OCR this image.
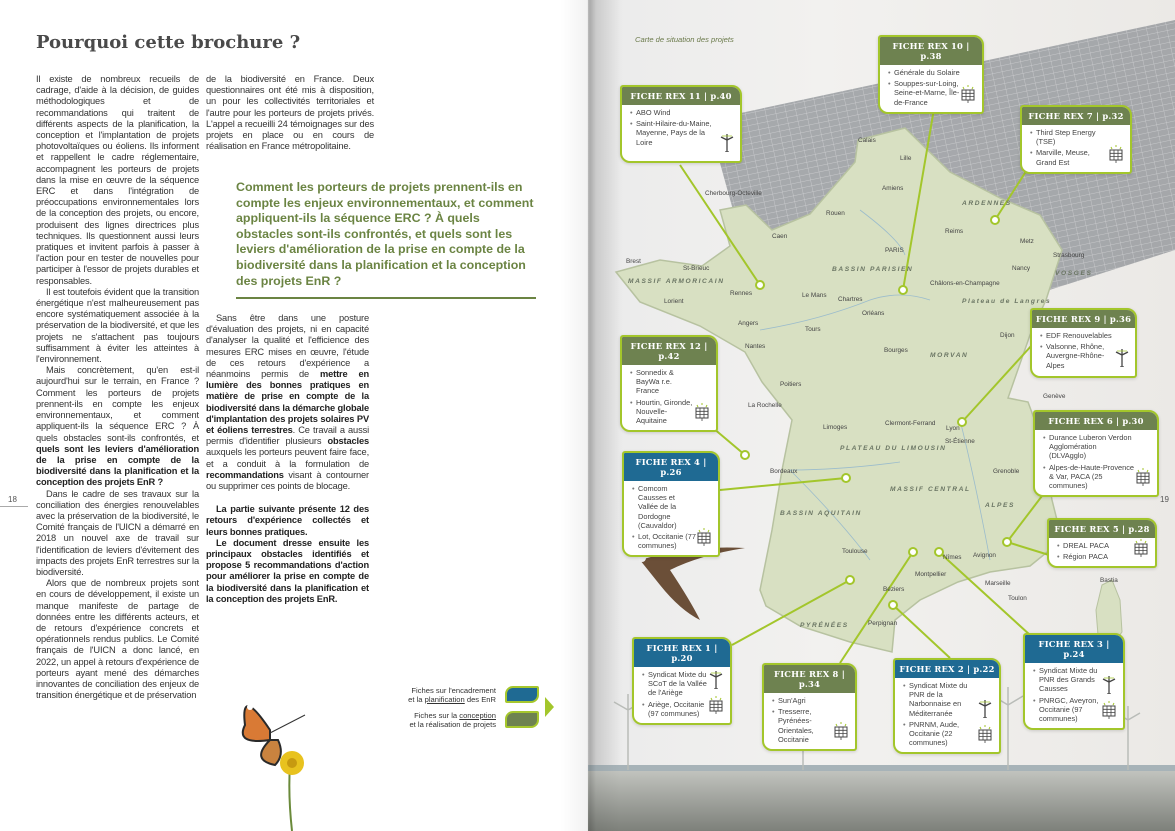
Pourquoi cette brochure ?

Il existe de nombreux recueils de cadrage, d'aide à la décision, de guides méthodologiques et de recommandations qui traitent de différents aspects de la planification, la conception et l'implantation de projets photovoltaïques ou éoliens. Ils informent et rappellent le cadre réglementaire, accompagnent les porteurs de projets dans la mise en œuvre de la séquence ERC et dans l'intégration de préoccupations environnementales lors de la conception des projets, ou encore, produisent des lignes directrices plus techniques. Ils questionnent aussi leurs pratiques et invitent parfois à passer à l'action pour en tester de nouvelles pour participer à l'essor de projets durables et responsables.

Il est toutefois évident que la transition énergétique n'est malheureusement pas encore systématiquement associée à la préservation de la biodiversité, et que les projets ne s'attachent pas toujours suffisamment à éviter les atteintes à l'environnement.

Mais concrètement, qu'en est-il aujourd'hui sur le terrain, en France ? Comment les porteurs de projets prennent-ils en compte les enjeux environnementaux, et comment appliquent-ils la séquence ERC ? À quels obstacles sont-ils confrontés, et quels sont les leviers d'amélioration de la prise en compte de la biodiversité dans la planification et la conception des projets EnR ?

Dans le cadre de ses travaux sur la conciliation des énergies renouvelables avec la préservation de la biodiversité, le Comité français de l'UICN a démarré en 2018 un nouvel axe de travail sur l'identification de leviers d'évitement des impacts des projets EnR terrestres sur la biodiversité.

Alors que de nombreux projets sont en cours de développement, il existe un manque manifeste de partage de données entre les différents acteurs, et de retours d'expérience concrets et opérationnels rendus publics. Le Comité français de l'UICN a donc lancé, en 2022, un appel à retours d'expérience de porteurs ayant mené des démarches innovantes de conciliation des enjeux de transition énergétique et de préservation

de la biodiversité en France. Deux questionnaires ont été mis à disposition, un pour les collectivités territoriales et l'autre pour les porteurs de projets privés. L'appel a recueilli 24 témoignages sur des projets en place ou en cours de réalisation en France métropolitaine.

Comment les porteurs de projets prennent-ils en compte les enjeux environnementaux, et comment appliquent-ils la séquence ERC ? À quels obstacles sont-ils confrontés, et quels sont les leviers d'amélioration de la prise en compte de la biodiversité dans la planification et la conception des projets EnR ?

Sans être dans une posture d'évaluation des projets, ni en capacité d'analyser la qualité et l'efficience des mesures ERC mises en œuvre, l'étude de ces retours d'expérience a néanmoins permis de mettre en lumière des bonnes pratiques en matière de prise en compte de la biodiversité dans la démarche globale d'implantation des projets solaires PV et éoliens terrestres. Ce travail a aussi permis d'identifier plusieurs obstacles auxquels les porteurs peuvent faire face, et a conduit à la formulation de recommandations visant à contourner ou supprimer ces points de blocage.

La partie suivante présente 12 des retours d'expérience collectés et leurs bonnes pratiques.

Le document dresse ensuite les principaux obstacles identifiés et propose 5 recommandations d'action pour améliorer la prise en compte de la biodiversité dans la planification et la conception des projets EnR.

18
Fiches sur l'encadrement
et la planification des EnR
Fiches sur la conception
et la réalisation de projets
Carte de situation des projets
19
Calais
Lille
Amiens
Cherbourg-Octeville
Rouen
Caen
Reims
Metz
Strasbourg
Brest
St-Brieuc
Rennes
Lorient
Le Mans
Chartres
PARIS
Orléans
Châlons-en-Champagne
Nancy
Angers
Tours
Nantes
Bourges
Dijon
Poitiers
La Rochelle
Limoges
Clermont-Ferrand
Lyon
St-Étienne
Genève
Grenoble
Bordeaux
Toulouse
Montpellier
Nîmes Avignon
Marseille
Toulon
Béziers
Perpignan
Bastia
BASSIN PARISIEN
MASSIF ARMORICAIN
ARDENNES
PLATEAU DU LIMOUSIN
MASSIF CENTRAL
BASSIN AQUITAIN
ALPES
VOSGES
MORVAN
Plateau de Langres
PYRÉNÉES
FICHE REX 11 | p.40
• ABO Wind
• Saint-Hilaire-du-Maine, Mayenne, Pays de la Loire
FICHE REX 10 | p.38
• Générale du Solaire
• Souppes-sur-Loing, Seine-et-Marne, Île-de-France
FICHE REX 7 | p.32
• Third Step Energy (TSE)
• Marville, Meuse, Grand Est
FICHE REX 12 | p.42
• Sonnedix & BayWa r.e. France
• Hourtin, Gironde, Nouvelle-Aquitaine
FICHE REX 9 | p.36
• EDF Renouvelables
• Valsonne, Rhône, Auvergne-Rhône-Alpes
FICHE REX 6 | p.30
• Durance Luberon Verdon Agglomération (DLVAgglo)
• Alpes-de-Haute-Provence & Var, PACA (25 communes)
FICHE REX 4 | p.26
• Comcom Causses et Vallée de la Dordogne (Cauvaldor)
• Lot, Occitanie (77 communes)
FICHE REX 5 | p.28
• DREAL PACA
• Région PACA
FICHE REX 1 | p.20
• Syndicat Mixte du SCoT de la Vallée de l'Ariège
• Ariège, Occitanie (97 communes)
FICHE REX 8 | p.34
• Sun'Agri
• Tresserre, Pyrénées-Orientales, Occitanie
FICHE REX 2 | p.22
• Syndicat Mixte du PNR de la Narbonnaise en Méditerranée
• PNRNM, Aude, Occitanie (22 communes)
FICHE REX 3 | p.24
• Syndicat Mixte du PNR des Grands Causses
• PNRGC, Aveyron, Occitanie (97 communes)
